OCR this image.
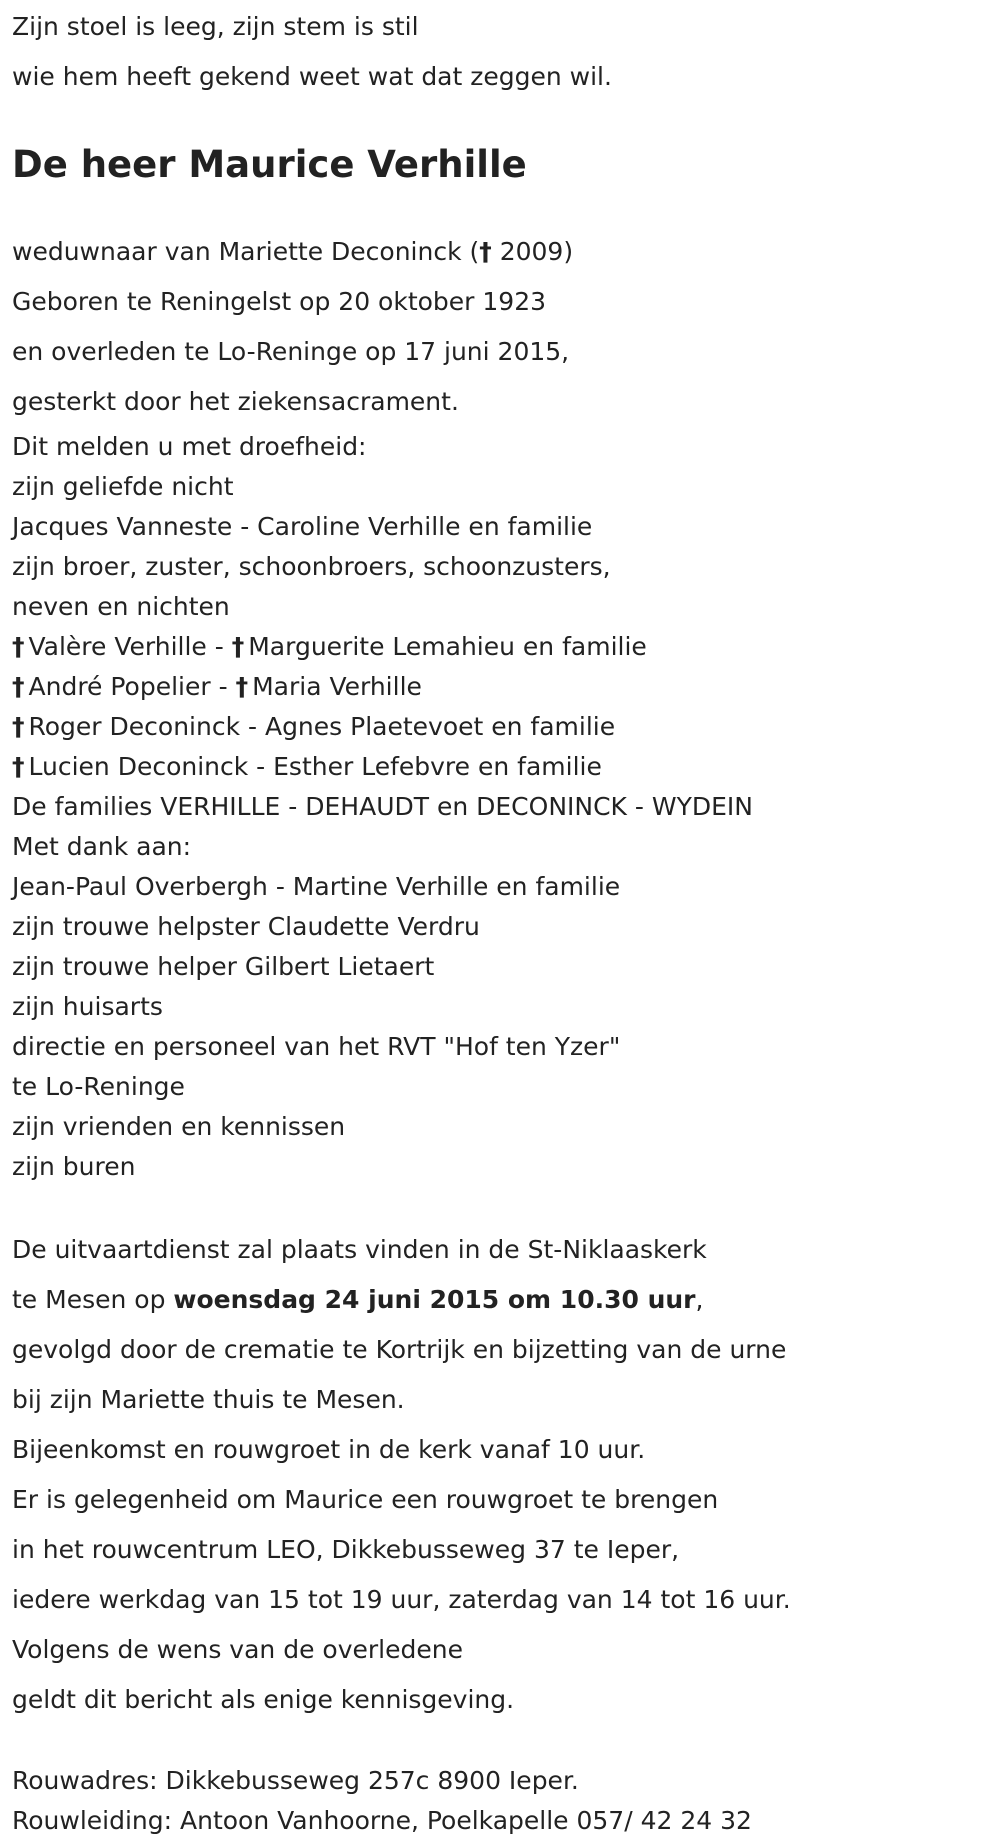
Zijn stoel is leeg, zijn stem is stil
wie hem heeft gekend weet wat dat zeggen wil.
De heer Maurice Verhille
weduwnaar van Mariette Deconinck († 2009)
Geboren te Reningelst op 20 oktober 1923
en overleden te Lo-Reninge op 17 juni 2015,
gesterkt door het ziekensacrament.
Dit melden u met droefheid:
zijn geliefde nicht
Jacques Vanneste - Caroline Verhille en familie
zijn broer, zuster, schoonbroers, schoonzusters,
neven en nichten
† Valère Verhille - † Marguerite Lemahieu en familie
† André Popelier - † Maria Verhille
† Roger Deconinck - Agnes Plaetevoet en familie
† Lucien Deconinck - Esther Lefebvre en familie
De families VERHILLE - DEHAUDT en DECONINCK - WYDEIN
Met dank aan:
Jean-Paul Overbergh - Martine Verhille en familie
zijn trouwe helpster Claudette Verdru
zijn trouwe helper Gilbert Lietaert
zijn huisarts
directie en personeel van het RVT "Hof ten Yzer"
te Lo-Reninge
zijn vrienden en kennissen
zijn buren
De uitvaartdienst zal plaats vinden in de St-Niklaaskerk
te Mesen op woensdag 24 juni 2015 om 10.30 uur,
gevolgd door de crematie te Kortrijk en bijzetting van de urne
bij zijn Mariette thuis te Mesen.
Bijeenkomst en rouwgroet in de kerk vanaf 10 uur.
Er is gelegenheid om Maurice een rouwgroet te brengen
in het rouwcentrum LEO, Dikkebusseweg 37 te Ieper,
iedere werkdag van 15 tot 19 uur, zaterdag van 14 tot 16 uur.
Volgens de wens van de overledene
geldt dit bericht als enige kennisgeving.
Rouwadres: Dikkebusseweg 257c 8900 Ieper.
Rouwleiding: Antoon Vanhoorne, Poelkapelle 057/ 42 24 32
